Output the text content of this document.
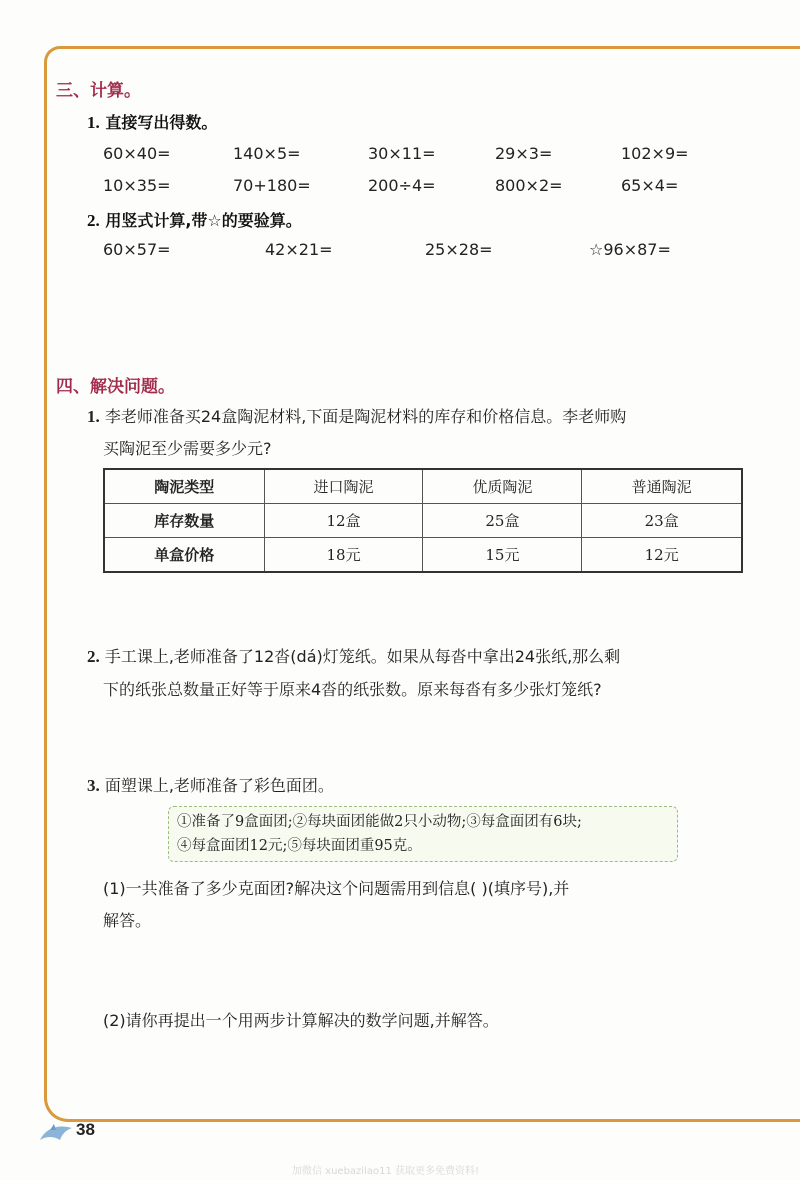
三、计算。
1. 直接写出得数。
60×40=	140×5=	30×11=	29×3=	102×9=
10×35=	70+180=	200÷4=	800×2=	65×4=
2. 用竖式计算,带☆的要验算。
60×57=	42×21=	25×28=	☆96×87=
四、解决问题。
1. 李老师准备买24盒陶泥材料,下面是陶泥材料的库存和价格信息。李老师购
买陶泥至少需要多少元?
陶泥类型	进口陶泥	优质陶泥	普通陶泥
库存数量	12盒	25盒	23盒
单盒价格	18元	15元	12元
2. 手工课上,老师准备了12沓(dá)灯笼纸。如果从每沓中拿出24张纸,那么剩
下的纸张总数量正好等于原来4沓的纸张数。原来每沓有多少张灯笼纸?
3. 面塑课上,老师准备了彩色面团。
①准备了9盒面团;②每块面团能做2只小动物;③每盒面团有6块;
④每盒面团12元;⑤每块面团重95克。
(1)一共准备了多少克面团?解决这个问题需用到信息( )(填序号),并
解答。
(2)请你再提出一个用两步计算解决的数学问题,并解答。
38
加微信 xuebazilao11 获取更多免费资料!
